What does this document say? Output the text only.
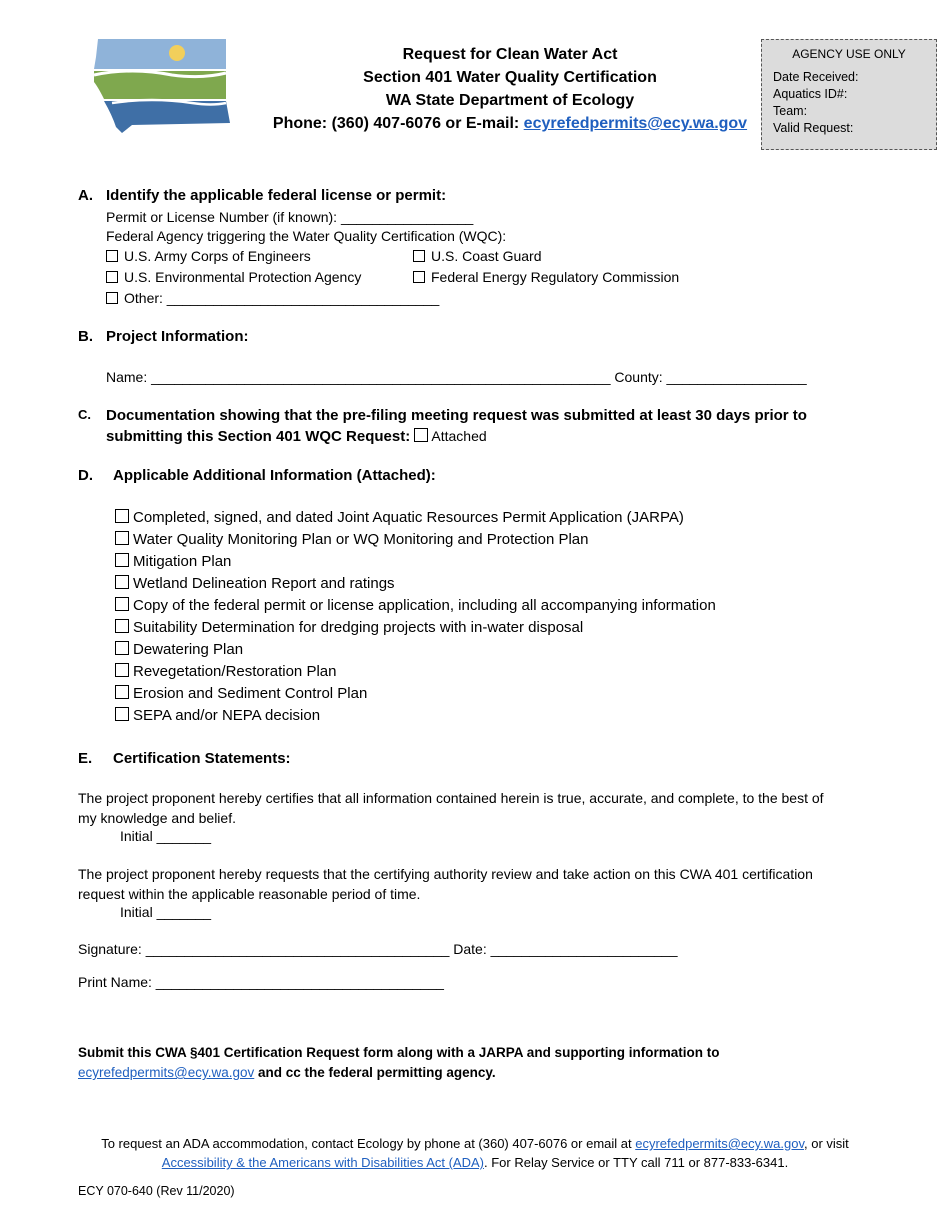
Request for Clean Water Act
Section 401 Water Quality Certification
WA State Department of Ecology
Phone: (360) 407-6076 or E-mail: ecyrefedpermits@ecy.wa.gov
AGENCY USE ONLY
Date Received:
Aquatics ID#:
Team:
Valid Request:
A. Identify the applicable federal license or permit:
Permit or License Number (if known): _________________
Federal Agency triggering the Water Quality Certification (WQC):
U.S. Army Corps of Engineers	U.S. Coast Guard
U.S. Environmental Protection Agency	Federal Energy Regulatory Commission
Other: ___________________________________
B. Project Information:
Name: ___________________________________________________________ County: __________________
C. Documentation showing that the pre-filing meeting request was submitted at least 30 days prior to
submitting this Section 401 WQC Request: Attached
D. Applicable Additional Information (Attached):
Completed, signed, and dated Joint Aquatic Resources Permit Application (JARPA)
Water Quality Monitoring Plan or WQ Monitoring and Protection Plan
Mitigation Plan
Wetland Delineation Report and ratings
Copy of the federal permit or license application, including all accompanying information
Suitability Determination for dredging projects with in-water disposal
Dewatering Plan
Revegetation/Restoration Plan
Erosion and Sediment Control Plan
SEPA and/or NEPA decision
E. Certification Statements:
The project proponent hereby certifies that all information contained herein is true, accurate, and complete, to the best of
my knowledge and belief.
Initial _______
The project proponent hereby requests that the certifying authority review and take action on this CWA 401 certification
request within the applicable reasonable period of time.
Initial _______
Signature: _______________________________________ Date: ________________________
Print Name: _____________________________________
Submit this CWA §401 Certification Request form along with a JARPA and supporting information to
ecyrefedpermits@ecy.wa.gov and cc the federal permitting agency.
To request an ADA accommodation, contact Ecology by phone at (360) 407-6076 or email at ecyrefedpermits@ecy.wa.gov, or visit
Accessibility & the Americans with Disabilities Act (ADA). For Relay Service or TTY call 711 or 877-833-6341.
ECY 070-640 (Rev 11/2020)
